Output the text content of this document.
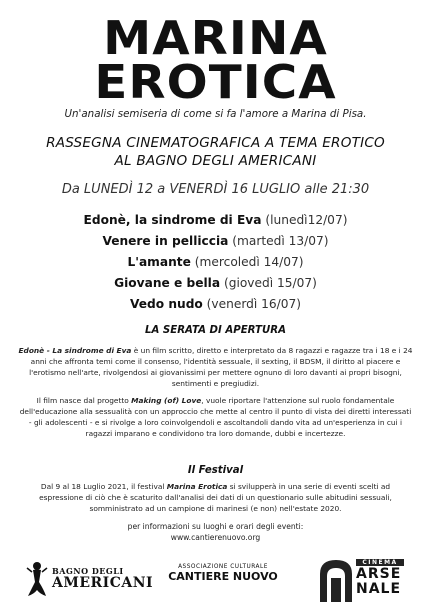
MARINA
EROTICA
Un'analisi semiseria di come si fa l'amore a Marina di Pisa.
RASSEGNA CINEMATOGRAFICA A TEMA EROTICO
AL BAGNO DEGLI AMERICANI
Da LUNEDÌ 12 a VENERDÌ 16 LUGLIO alle 21:30
Edonè, la sindrome di Eva (lunedì12/07)
Venere in pelliccia (martedì 13/07)
L'amante (mercoledì 14/07)
Giovane e bella (giovedì 15/07)
Vedo nudo (venerdì 16/07)
LA SERATA DI APERTURA

Edonè - La sindrome di Eva è un film scritto, diretto e interpretato da 8 ragazzi e ragazze tra i 18 e i 24 anni che affronta temi come il consenso, l'identità sessuale, il sexting, il BDSM, il diritto al piacere e l'erotismo nell'arte, rivolgendosi ai giovanissimi per mettere ognuno di loro davanti ai propri bisogni, sentimenti e pregiudizi.

Il film nasce dal progetto Making (of) Love, vuole riportare l'attenzione sul ruolo fondamentale dell'educazione alla sessualità con un approccio che mette al centro il punto di vista dei diretti interessati - gli adolescenti - e si rivolge a loro coinvolgendoli e ascoltandoli dando vita ad un'esperienza in cui i ragazzi imparano e condividono tra loro domande, dubbi e incertezze.

Il Festival

Dal 9 al 18 Luglio 2021, il festival Marina Erotica si svilupperà in una serie di eventi scelti ad espressione di ciò che è scaturito dall'analisi dei dati di un questionario sulle abitudini sessuali, somministrato ad un campione di marinesi (e non) nell'estate 2020.

per informazioni su luoghi e orari degli eventi:
www.cantierenuovo.org

BAGNO DEGLI
AMERICANI
ASSOCIAZIONE CULTURALE
CANTIERE NUOVO
CINEMA
ARSE
NALE
